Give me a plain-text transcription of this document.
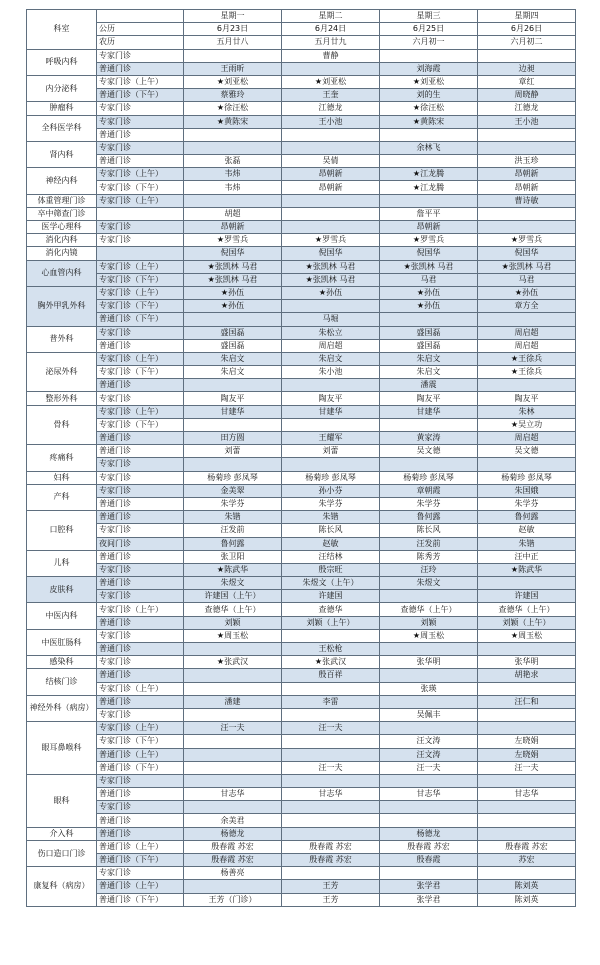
科室		星期一	星期二	星期三	星期四
	公历	6月23日	6月24日	6月25日	6月26日
	农历	五月廿八	五月廿九	六月初一	六月初二
呼吸内科	专家门诊		曹静		
	普通门诊	王雨昕		刘海霞	边昶
内分泌科	专家门诊（上午）	★刘亚松	★刘亚松	★刘亚松	章红
	普通门诊（下午）	蔡雅玲	王奎	刘的生	周晓静
肿瘤科	专家门诊	★徐汪松	江德龙	★徐汪松	江德龙
全科医学科	专家门诊	★黄陈宋	王小池	★黄陈宋	王小池
	普通门诊				
肾内科	专家门诊			余林飞	
	普通门诊	张磊	吴倩		洪玉珍
神经内科	专家门诊（上午）	韦炜	昂朝新	★江龙腾	昂朝新
	专家门诊（下午）	韦炜	昂朝新	★江龙腾	昂朝新
体重管理门诊	专家门诊（上午）				曹诗敏
卒中筛查门诊		胡超		詹平平	
医学心理科	专家门诊	昂朝新		昂朝新	
消化内科	专家门诊	★罗雪兵	★罗雪兵	★罗雪兵	★罗雪兵
消化内镜		倪国华	倪国华	倪国华	倪国华
心血管内科	专家门诊（上午）	★张凯林 马君	★张凯林 马君	★张凯林 马君	★张凯林 马君
	专家门诊（下午）	★张凯林 马君	★张凯林 马君	马君	马君
胸外甲乳外科	专家门诊（上午）	★孙伍	★孙伍	★孙伍	★孙伍
	专家门诊（下午）	★孙伍		★孙伍	章方全
	普通门诊（下午）		马堀		
普外科	专家门诊	盛国磊	朱松立	盛国磊	周启超
	普通门诊	盛国磊	周启超	盛国磊	周启超
泌尿外科	专家门诊（上午）	朱启文	朱启文	朱启文	★王徐兵
	专家门诊（下午）	朱启文	朱小池	朱启文	★王徐兵
	普通门诊			潘震	
整形外科	专家门诊	陶友平	陶友平	陶友平	陶友平
骨科	专家门诊（上午）	甘建华	甘建华	甘建华	朱林
	专家门诊（下午）				★吴立功
	普通门诊	田方圆	王耀军	黄家涛	周启超
疼痛科	普通门诊	刘蕾	刘蕾	吴文德	吴文德
	专家门诊				
妇科	专家门诊	杨菊珍 彭凤琴	杨菊珍 彭凤琴	杨菊珍 彭凤琴	杨菊珍 彭凤琴
产科	专家门诊	金美翠	孙小芬	章朝霞	朱国娥
	普通门诊	朱学芬	朱学芬	朱学芬	朱学芬
口腔科	普通门诊	朱锴	朱锴	鲁何露	鲁何露
	专家门诊	汪发前	陈长风	陈长风	赵敏
	夜间门诊	鲁何露	赵敏	汪发前	朱锴
儿科	普通门诊	张卫阳	汪结林	陈秀芳	汪中正
	专家门诊	★陈武华	殷宗旺	汪玲	★陈武华
皮肤科	普通门诊	朱煜文	朱煜文（上午）	朱煜文	
	专家门诊	许建国（上午）	许建国		许建国
中医内科	专家门诊（上午）	查德华（上午）	查德华	查德华（上午）	查德华（上午）
	普通门诊	刘颖	刘颖（上午）	刘颖	刘颖（上午）
中医肛肠科	专家门诊	★周玉松		★周玉松	★周玉松
	普通门诊		王松枪		
感染科	专家门诊	★张武汉	★张武汉	张华明	张华明
结核门诊	普通门诊		殷百祥		胡艳求
	专家门诊（上午）			张瑛	
神经外科（病房）	普通门诊	潘建	李雷		汪仁和
	专家门诊			吴佩丰	
眼耳鼻喉科	专家门诊（上午）	汪一夫	汪一夫		
	专家门诊（下午）			汪文涛	左晓娟
	普通门诊（上午）			汪文涛	左晓娟
	普通门诊（下午）		汪一夫	汪一夫	汪一夫
眼科	专家门诊				
	普通门诊	甘志华	甘志华	甘志华	甘志华
	专家门诊				
	普通门诊	余美君			
介入科	普通门诊	杨德龙		杨德龙	
伤口造口门诊	普通门诊（上午）	殷春霞 苏宏	殷春霞 苏宏	殷春霞 苏宏	殷春霞 苏宏
	普通门诊（下午）	殷春霞 苏宏	殷春霞 苏宏	殷春霞	苏宏
康复科（病房）	专家门诊	杨善亮			
	普通门诊（上午）		王芳	张学君	陈刘英
	普通门诊（下午）	王芳（门诊）	王芳	张学君	陈刘英
